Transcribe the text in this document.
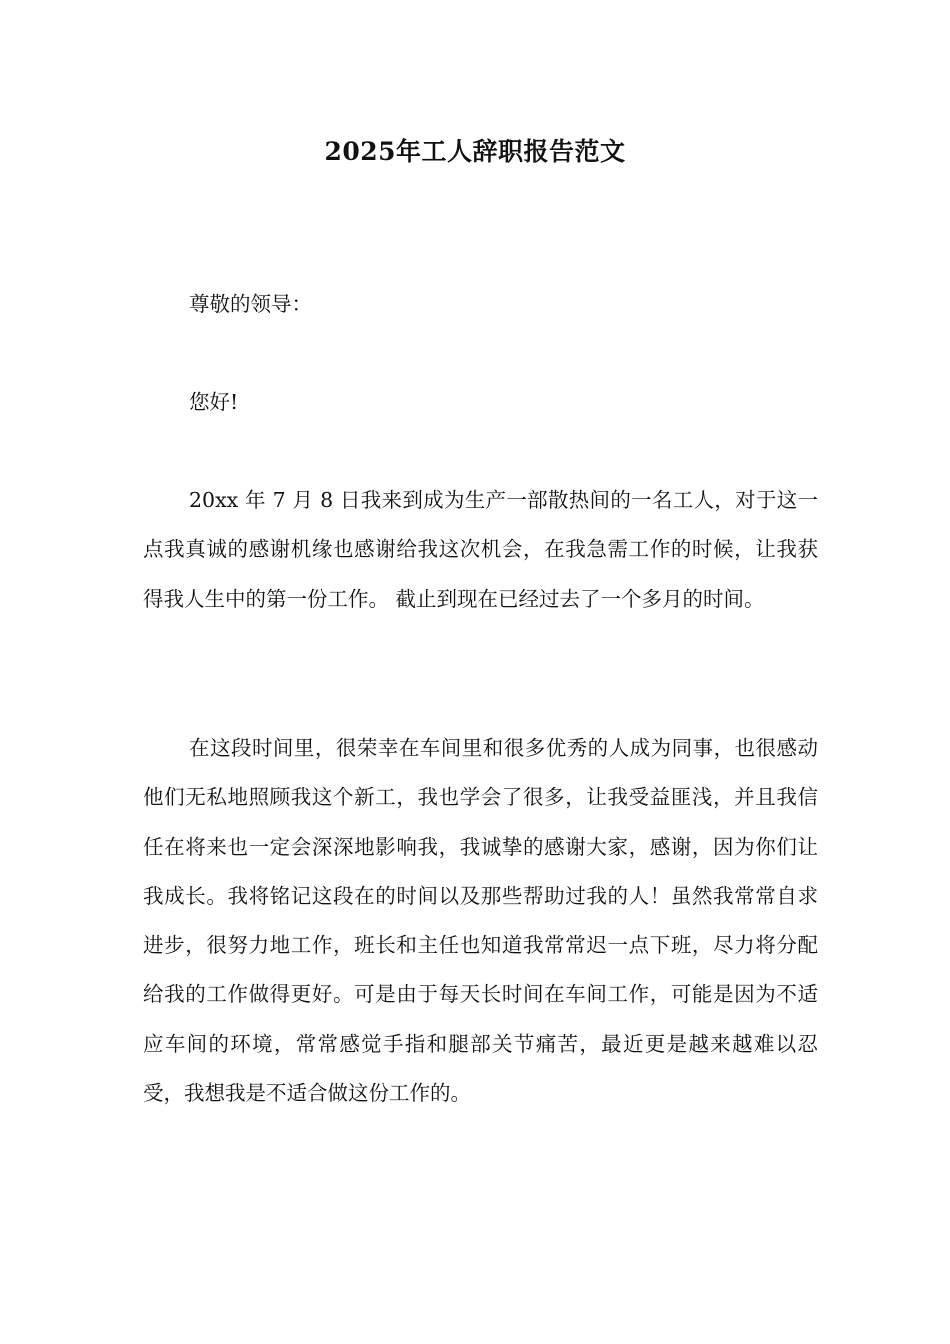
2025年工人辞职报告范文

尊敬的领导：

您好!

20xx 年 7 月 8 日我来到成为生产一部散热间的一名工人，对于这一点我真诚的感谢机缘也感谢给我这次机会，在我急需工作的时候，让我获得我人生中的第一份工作。 截止到现在已经过去了一个多月的时间。

在这段时间里，很荣幸在车间里和很多优秀的人成为同事，也很感动他们无私地照顾我这个新工，我也学会了很多，让我受益匪浅，并且我信任在将来也一定会深深地影响我，我诚挚的感谢大家，感谢，因为你们让我成长。我将铭记这段在的时间以及那些帮助过我的人！虽然我常常自求进步，很努力地工作，班长和主任也知道我常常迟一点下班，尽力将分配给我的工作做得更好。可是由于每天长时间在车间工作，可能是因为不适应车间的环境，常常感觉手指和腿部关节痛苦，最近更是越来越难以忍受，我想我是不适合做这份工作的。
